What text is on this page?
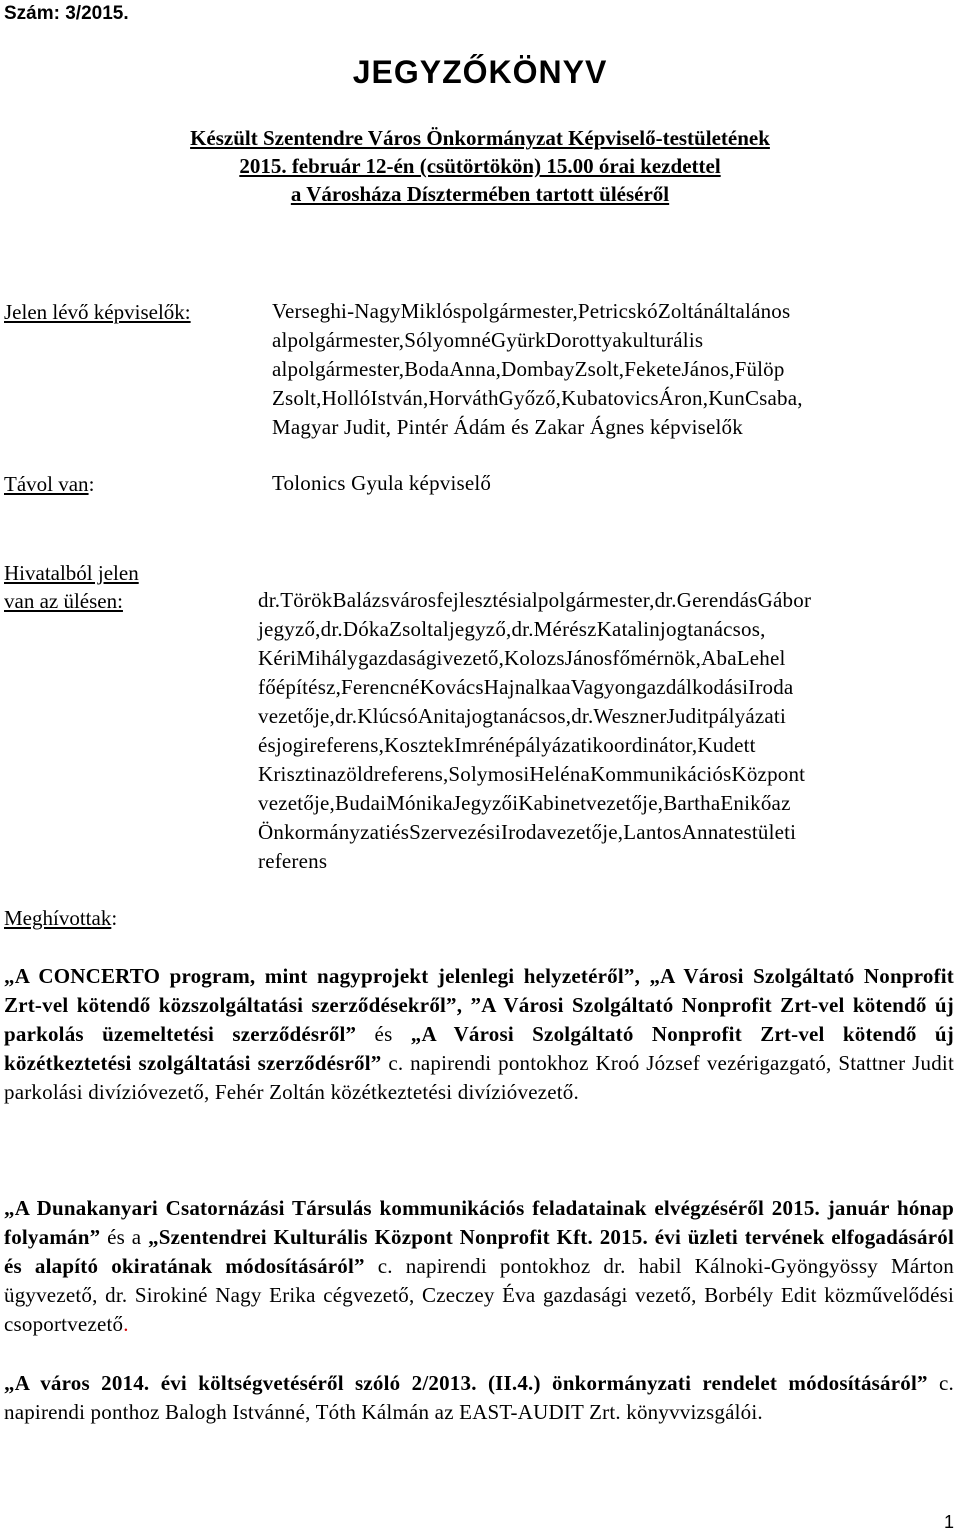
Szám: 3/2015.
JEGYZŐKÖNYV
Készült Szentendre Város Önkormányzat Képviselő-testületének
2015. február 12-én (csütörtökön) 15.00 órai kezdettel
a Városháza Dísztermében tartott üléséről
Jelen lévő képviselők:	Verseghi-NagyMiklóspolgármester,PetricskóZoltánáltalános
alpolgármester,SólyomnéGyürkDorottyakulturális
alpolgármester,BodaAnna,DombayZsolt,FeketeJános,Fülöp
Zsolt,HollóIstván,HorváthGyőző,KubatovicsÁron,KunCsaba,
Magyar Judit, Pintér Ádám és Zakar Ágnes képviselők
Távol van:	Tolonics Gyula képviselő
Hivatalból jelen
van az ülésen:	dr.TörökBalázsvárosfejlesztésialpolgármester,dr.GerendásGábor
jegyző,dr.DókaZsoltaljegyző,dr.MérészKatalinjogtanácsos,
KériMihálygazdaságivezető,KolozsJánosfőmérnök,AbaLehel
főépítész,FerencnéKovácsHajnalkaaVagyongazdálkodásiIroda
vezetője,dr.KlúcsóAnitajogtanácsos,dr.WesznerJuditpályázati
ésjogireferens,KosztekImrénépályázatikoordinátor,Kudett
Krisztinazöldreferens,SolymosiHelénaKommunikációsKözpont
vezetője,BudaiMónikaJegyzőiKabinetvezetője,BarthaEnikőaz
ÖnkormányzatiésSzervezésiIrodavezetője,LantosAnnatestületi
referens
Meghívottak:
„A CONCERTO program, mint nagyprojekt jelenlegi helyzetéről”, „A Városi Szolgáltató Nonprofit Zrt-vel kötendő közszolgáltatási szerződésekről”, ”A Városi Szolgáltató Nonprofit Zrt-vel kötendő új parkolás üzemeltetési szerződésről” és „A Városi Szolgáltató Nonprofit Zrt-vel kötendő új közétkeztetési szolgáltatási szerződésről” c. napirendi pontokhoz Kroó József vezérigazgató, Stattner Judit parkolási divízióvezető, Fehér Zoltán közétkeztetési divízióvezető.
„A Dunakanyari Csatornázási Társulás kommunikációs feladatainak elvégzéséről 2015. január hónap folyamán” és a „Szentendrei Kulturális Központ Nonprofit Kft. 2015. évi üzleti tervének elfogadásáról és alapító okiratának módosításáról” c. napirendi pontokhoz dr. habil Kálnoki-Gyöngyössy Márton ügyvezető, dr. Sirokiné Nagy Erika cégvezető, Czeczey Éva gazdasági vezető, Borbély Edit közművelődési csoportvezető.
„A város 2014. évi költségvetéséről szóló 2/2013. (II.4.) önkormányzati rendelet módosításáról” c. napirendi ponthoz Balogh Istvánné, Tóth Kálmán az EAST-AUDIT Zrt. könyvvizsgálói.
1
